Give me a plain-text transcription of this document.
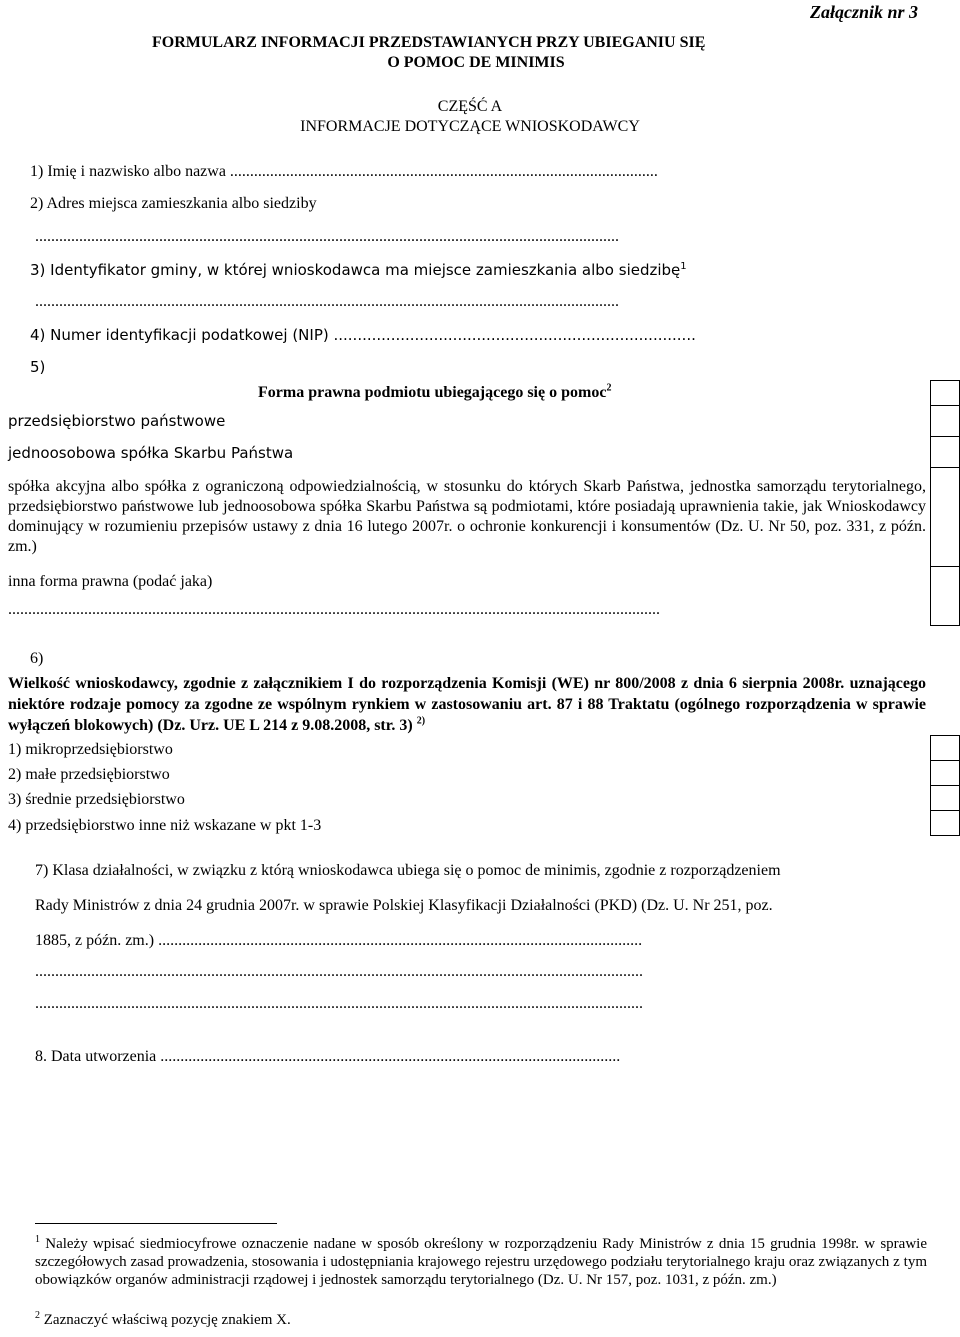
Załącznik nr 3
FORMULARZ INFORMACJI PRZEDSTAWIANYCH PRZY UBIEGANIU SIĘ
O POMOC DE MINIMIS
CZĘŚĆ A
INFORMACJE DOTYCZĄCE WNIOSKODAWCY
1) Imię i nazwisko albo nazwa ...........................................................................................................
2) Adres miejsca zamieszkania albo siedziby
..................................................................................................................................................
3) Identyfikator gminy, w której wnioskodawca ma miejsce zamieszkania albo siedzibę$^1$
..................................................................................................................................................
4) Numer identyfikacji podatkowej (NIP) ............................................................................
5)
Forma prawna podmiotu ubiegającego się o pomoc$^2$
przedsiębiorstwo państwowe
jednoosobowa spółka Skarbu Państwa
spółka akcyjna albo spółka z ograniczoną odpowiedzialnością, w stosunku do których Skarb Państwa, jednostka samorządu terytorialnego, przedsiębiorstwo państwowe lub jednoosobowa spółka Skarbu Państwa są podmiotami, które posiadają uprawnienia takie, jak Wnioskodawcy dominujący w rozumieniu przepisów ustawy z dnia 16 lutego 2007r. o ochronie konkurencji i konsumentów (Dz. U. Nr 50, poz. 331, z późn. zm.)
inna forma prawna (podać jaka)
...................................................................................................................................................................
6)
Wielkość wnioskodawcy, zgodnie z załącznikiem I do rozporządzenia Komisji (WE) nr 800/2008 z dnia 6 sierpnia 2008r. uznającego niektóre rodzaje pomocy za zgodne ze wspólnym rynkiem w zastosowaniu art. 87 i 88 Traktatu (ogólnego rozporządzenia w sprawie wyłączeń blokowych) (Dz. Urz. UE L 214 z 9.08.2008, str. 3) $^{2)}$
1) mikroprzedsiębiorstwo
2) małe przedsiębiorstwo
3) średnie przedsiębiorstwo
4) przedsiębiorstwo inne niż wskazane w pkt 1-3
7) Klasa działalności, w związku z którą wnioskodawca ubiega się o pomoc de minimis, zgodnie z rozporządzeniem
Rady Ministrów z dnia 24 grudnia 2007r. w sprawie Polskiej Klasyfikacji Działalności (PKD) (Dz. U. Nr 251, poz.
1885, z późn. zm.) .........................................................................................................................
........................................................................................................................................................
........................................................................................................................................................
8. Data utworzenia ...................................................................................................................
$^1$ Należy wpisać siedmiocyfrowe oznaczenie nadane w sposób określony w rozporządzeniu Rady Ministrów z dnia 15 grudnia 1998r. w sprawie szczegółowych zasad prowadzenia, stosowania i udostępniania krajowego rejestru urzędowego podziału terytorialnego kraju oraz związanych z tym obowiązków organów administracji rządowej i jednostek samorządu terytorialnego (Dz. U. Nr 157, poz. 1031, z późn. zm.)
$^2$ Zaznaczyć właściwą pozycję znakiem X.
